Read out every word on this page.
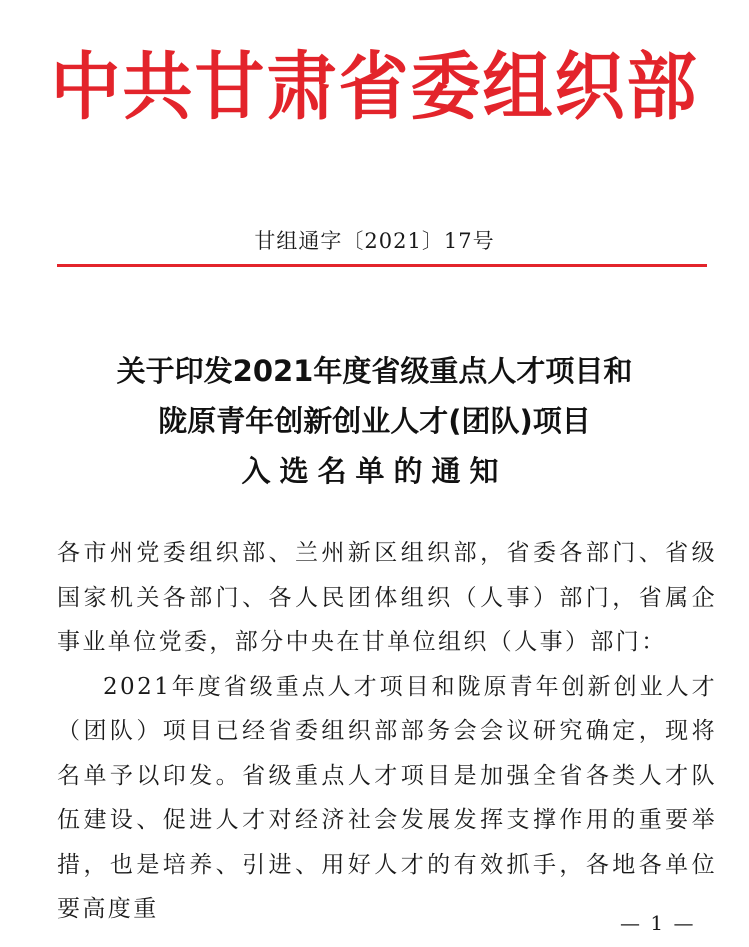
中共甘肃省委组织部
甘组通字〔2021〕17号
关于印发2021年度省级重点人才项目和
陇原青年创新创业人才(团队)项目
入选名单的通知

各市州党委组织部、兰州新区组织部，省委各部门、省级国家机关各部门、各人民团体组织（人事）部门，省属企事业单位党委，部分中央在甘单位组织（人事）部门：

2021年度省级重点人才项目和陇原青年创新创业人才（团队）项目已经省委组织部部务会会议研究确定，现将名单予以印发。省级重点人才项目是加强全省各类人才队伍建设、促进人才对经济社会发展发挥支撑作用的重要举措，也是培养、引进、用好人才的有效抓手，各地各单位要高度重

— 1 —
